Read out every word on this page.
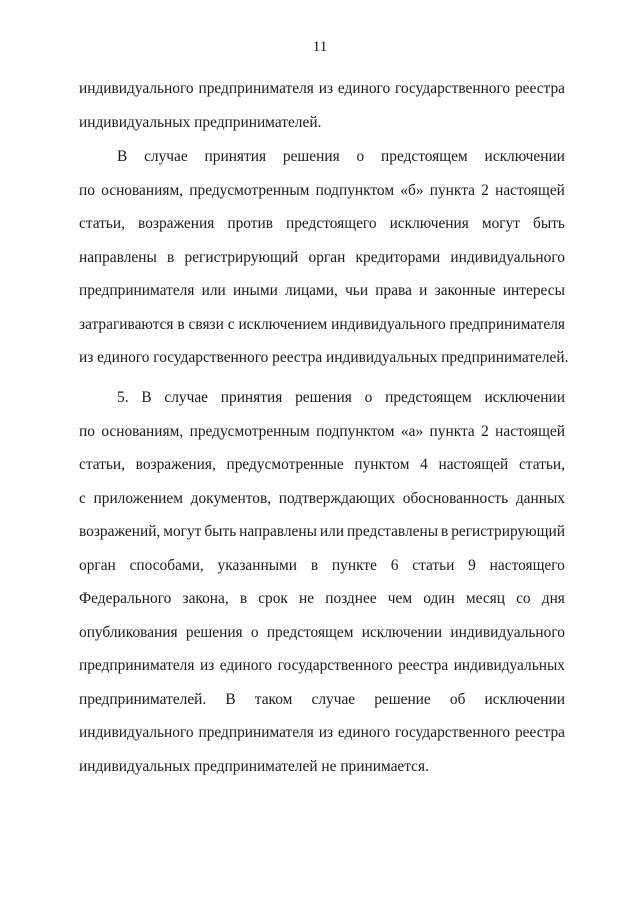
11
индивидуального предпринимателя из единого государственного реестра
индивидуальных предпринимателей.
В случае принятия решения о предстоящем исключении
по основаниям, предусмотренным подпунктом «б» пункта 2 настоящей
статьи, возражения против предстоящего исключения могут быть
направлены в регистрирующий орган кредиторами индивидуального
предпринимателя или иными лицами, чьи права и законные интересы
затрагиваются в связи с исключением индивидуального предпринимателя
из единого государственного реестра индивидуальных предпринимателей.
5. В случае принятия решения о предстоящем исключении
по основаниям, предусмотренным подпунктом «а» пункта 2 настоящей
статьи, возражения, предусмотренные пунктом 4 настоящей статьи,
с приложением документов, подтверждающих обоснованность данных
возражений, могут быть направлены или представлены в регистрирующий
орган способами, указанными в пункте 6 статьи 9 настоящего
Федерального закона, в срок не позднее чем один месяц со дня
опубликования решения о предстоящем исключении индивидуального
предпринимателя из единого государственного реестра индивидуальных
предпринимателей. В таком случае решение об исключении
индивидуального предпринимателя из единого государственного реестра
индивидуальных предпринимателей не принимается.
